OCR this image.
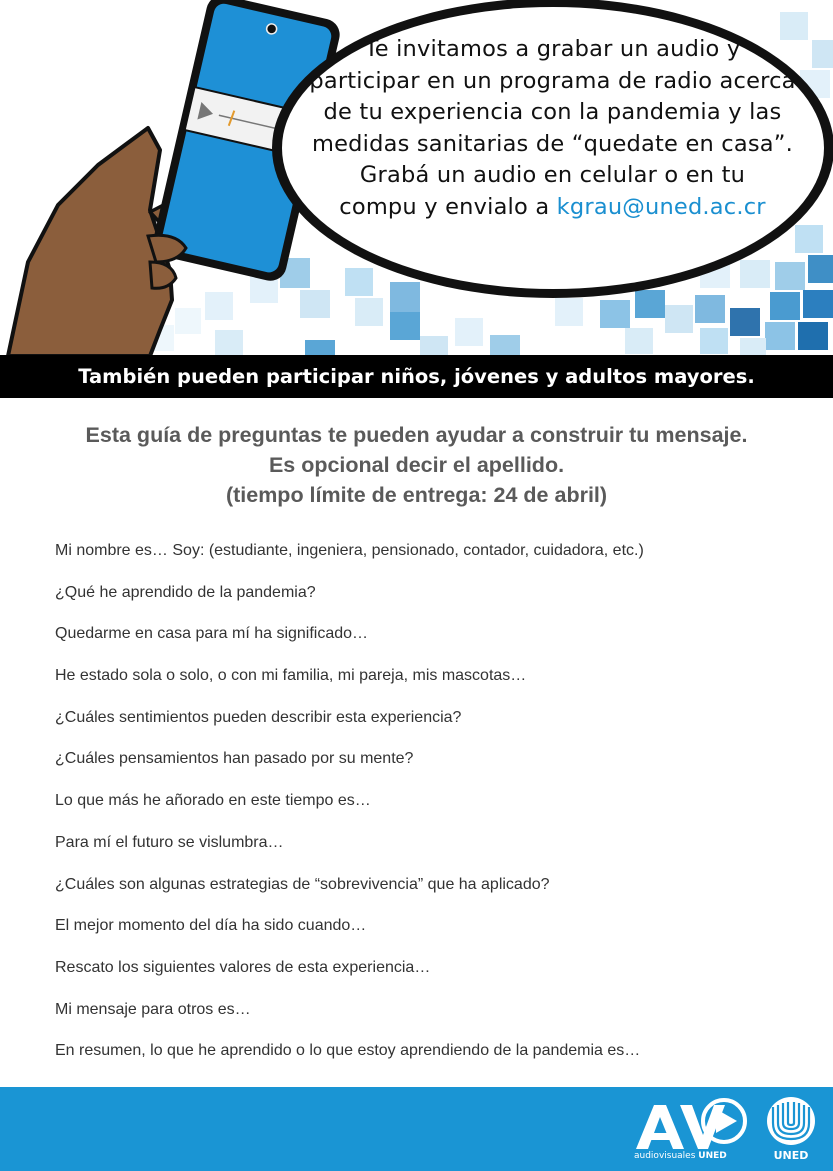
Te invitamos a grabar un audio y
participar en un programa de radio acerca
de tu experiencia con la pandemia y las
medidas sanitarias de “quedate en casa”.
Grabá un audio en celular o en tu
compu y envialo a kgrau@uned.ac.cr
También pueden participar niños, jóvenes y adultos mayores.
Esta guía de preguntas te pueden ayudar a construir tu mensaje.
Es opcional decir el apellido.
(tiempo límite de entrega: 24 de abril)
Mi nombre es… Soy: (estudiante, ingeniera, pensionado, contador, cuidadora, etc.)
¿Qué he aprendido de la pandemia?
Quedarme en casa para mí ha significado…
He estado sola o solo, o con mi familia, mi pareja, mis mascotas…
¿Cuáles sentimientos pueden describir esta experiencia?
¿Cuáles pensamientos han pasado por su mente?
Lo que más he añorado en este tiempo es…
Para mí el futuro se vislumbra…
¿Cuáles son algunas estrategias de “sobrevivencia” que ha aplicado?
El mejor momento del día ha sido cuando…
Rescato los siguientes valores de esta experiencia…
Mi mensaje para otros es…
En resumen, lo que he aprendido o lo que estoy aprendiendo de la pandemia es…
audiovisuales UNED	UNED
